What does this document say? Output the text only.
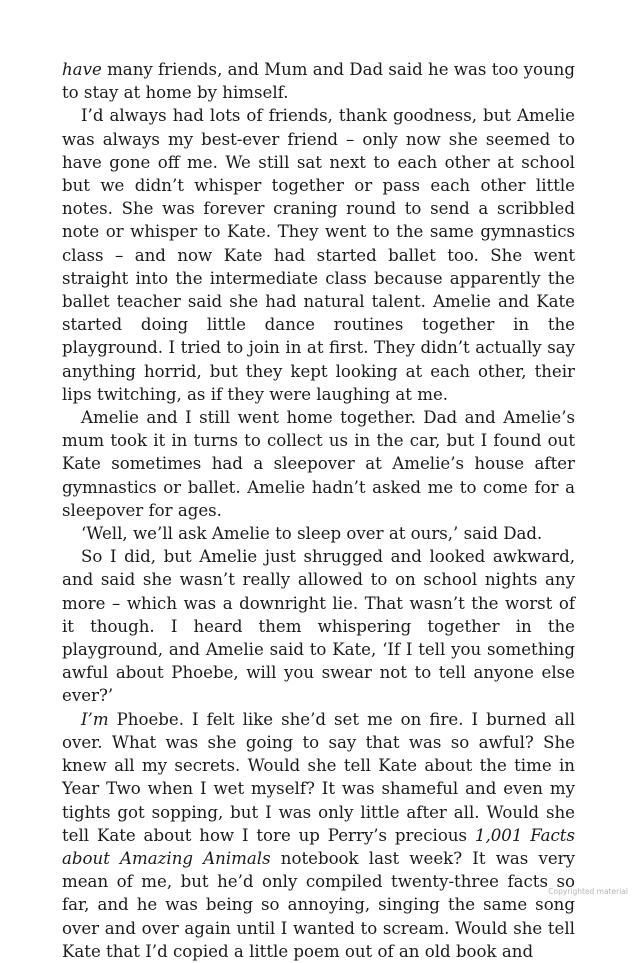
have many friends, and Mum and Dad said he was too young to stay at home by himself.

I’d always had lots of friends, thank goodness, but Amelie was always my best-ever friend – only now she seemed to have gone off me. We still sat next to each other at school but we didn’t whisper together or pass each other little notes. She was forever craning round to send a scribbled note or whisper to Kate. They went to the same gymnastics class – and now Kate had started ballet too. She went straight into the intermediate class because apparently the ballet teacher said she had natural talent. Amelie and Kate started doing little dance routines together in the playground. I tried to join in at first. They didn’t actually say anything horrid, but they kept looking at each other, their lips twitching, as if they were laughing at me.

Amelie and I still went home together. Dad and Amelie’s mum took it in turns to collect us in the car, but I found out Kate sometimes had a sleepover at Amelie’s house after gymnastics or ballet. Amelie hadn’t asked me to come for a sleepover for ages.

‘Well, we’ll ask Amelie to sleep over at ours,’ said Dad.

So I did, but Amelie just shrugged and looked awkward, and said she wasn’t really allowed to on school nights any more – which was a downright lie. That wasn’t the worst of it though. I heard them whispering together in the playground, and Amelie said to Kate, ‘If I tell you something awful about Phoebe, will you swear not to tell anyone else ever?’

I’m Phoebe. I felt like she’d set me on fire. I burned all over. What was she going to say that was so awful? She knew all my secrets. Would she tell Kate about the time in Year Two when I wet myself? It was shameful and even my tights got sopping, but I was only little after all. Would she tell Kate about how I tore up Perry’s precious 1,001 Facts about Amazing Animals notebook last week? It was very mean of me, but he’d only compiled twenty-three facts so far, and he was being so annoying, singing the same song over and over again until I wanted to scream. Would she tell Kate that I’d copied a little poem out of an old book and

Copyrighted material
